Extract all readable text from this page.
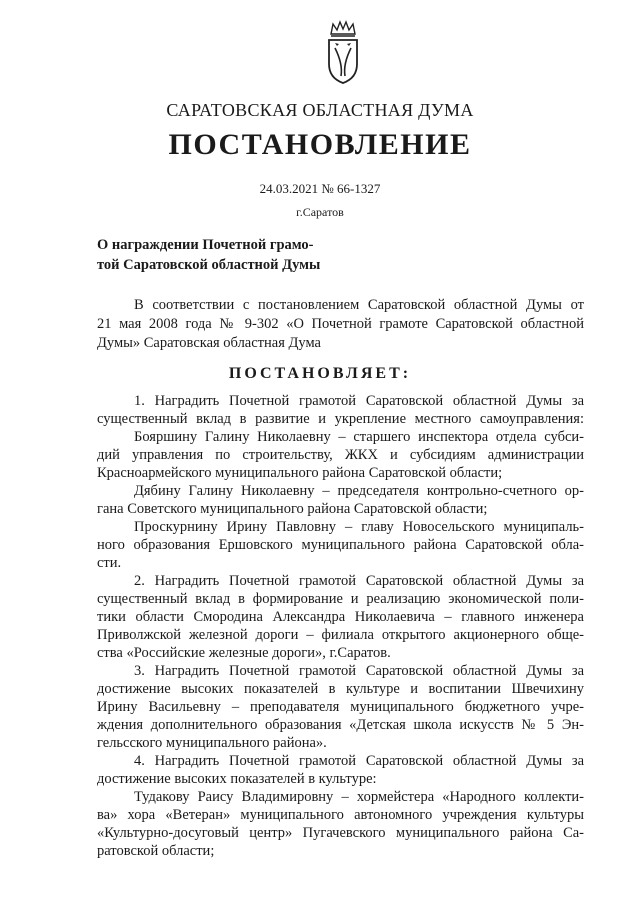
САРАТОВСКАЯ ОБЛАСТНАЯ ДУМА
ПОСТАНОВЛЕНИЕ
24.03.2021 № 66-1327
г.Саратов
О награждении Почетной грамо-
той Саратовской областной Думы
В соответствии с постановлением Саратовской областной Думы от
21 мая 2008 года № 9-302 «О Почетной грамоте Саратовской областной
Думы» Саратовская областная Дума
ПОСТАНОВЛЯЕТ:
1. Наградить Почетной грамотой Саратовской областной Думы за
существенный вклад в развитие и укрепление местного самоуправления:
Бояршину Галину Николаевну – старшего инспектора отдела субси-
дий управления по строительству, ЖКХ и субсидиям администрации
Красноармейского муниципального района Саратовской области;
Дябину Галину Николаевну – председателя контрольно-счетного ор-
гана Советского муниципального района Саратовской области;
Проскурнину Ирину Павловну – главу Новосельского муниципаль-
ного образования Ершовского муниципального района Саратовской обла-
сти.
2. Наградить Почетной грамотой Саратовской областной Думы за
существенный вклад в формирование и реализацию экономической поли-
тики области Смородина Александра Николаевича – главного инженера
Приволжской железной дороги – филиала открытого акционерного обще-
ства «Российские железные дороги», г.Саратов.
3. Наградить Почетной грамотой Саратовской областной Думы за
достижение высоких показателей в культуре и воспитании Швечихину
Ирину Васильевну – преподавателя муниципального бюджетного учре-
ждения дополнительного образования «Детская школа искусств № 5 Эн-
гельсского муниципального района».
4. Наградить Почетной грамотой Саратовской областной Думы за
достижение высоких показателей в культуре:
Тудакову Раису Владимировну – хормейстера «Народного коллекти-
ва» хора «Ветеран» муниципального автономного учреждения культуры
«Культурно-досуговый центр» Пугачевского муниципального района Са-
ратовской области;
